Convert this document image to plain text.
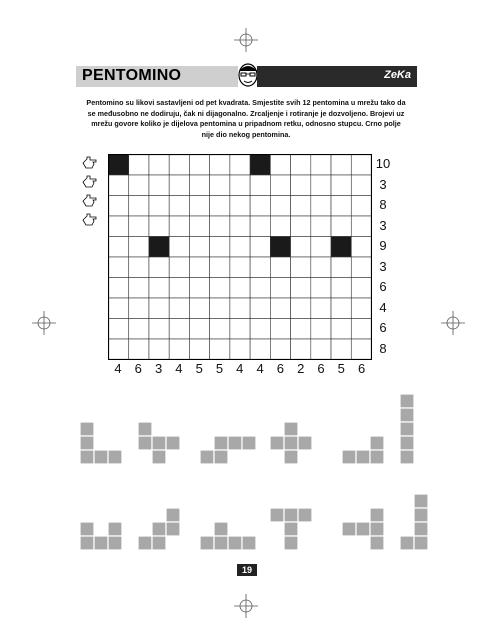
PENTOMINO	ZeKa
Pentomino su likovi sastavljeni od pet kvadrata. Smjestite svih 12 pentomina u mrežu tako da se međusobno ne dodiruju, čak ni dijagonalno. Zrcaljenje i rotiranje je dozvoljeno. Brojevi uz mrežu govore koliko je dijelova pentomina u pripadnom retku, odnosno stupcu. Crno polje nije dio nekog pentomina.
10
3
8
3
9
3
6
4
6
8
4	6	3	4	5	5	4	4	6	2	6	5	6
19
